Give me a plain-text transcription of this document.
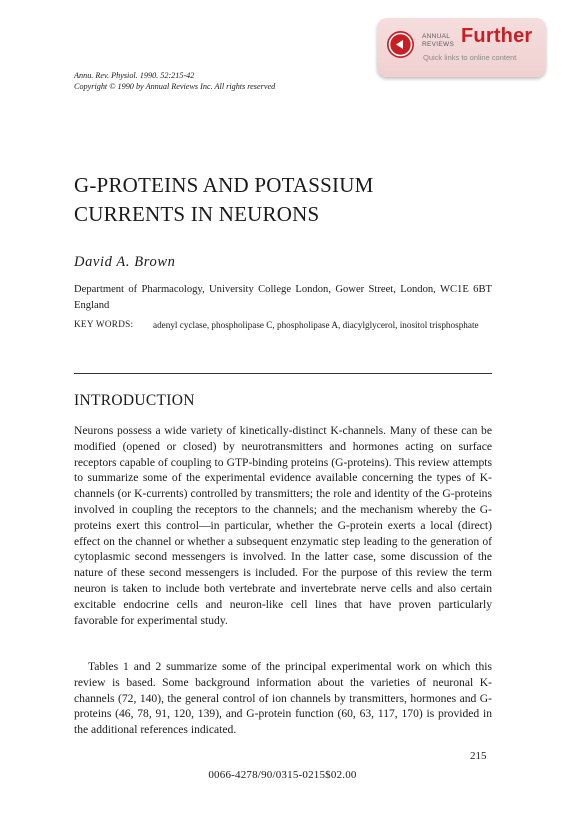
ANNUAL REVIEWS Further
Quick links to online content
Annu. Rev. Physiol. 1990. 52:215-42
Copyright © 1990 by Annual Reviews Inc. All rights reserved
G-PROTEINS AND POTASSIUM
CURRENTS IN NEURONS
David A. Brown
Department of Pharmacology, University College London, Gower Street, London, WC1E 6BT England
KEY WORDS: adenyl cyclase, phospholipase C, phospholipase A, diacylglycerol, inositol trisphosphate
INTRODUCTION

Neurons possess a wide variety of kinetically-distinct K-channels. Many of these can be modified (opened or closed) by neurotransmitters and hormones acting on surface receptors capable of coupling to GTP-binding proteins (G-proteins). This review attempts to summarize some of the experimental evidence available concerning the types of K-channels (or K-currents) controlled by transmitters; the role and identity of the G-proteins involved in coupling the receptors to the channels; and the mechanism whereby the G-proteins exert this control—in particular, whether the G-protein exerts a local (direct) effect on the channel or whether a subsequent enzymatic step leading to the generation of cytoplasmic second messengers is involved. In the latter case, some discussion of the nature of these second messengers is included. For the purpose of this review the term neuron is taken to include both vertebrate and invertebrate nerve cells and also certain excitable endocrine cells and neuron-like cell lines that have proven particularly favorable for experimental study.

Tables 1 and 2 summarize some of the principal experimental work on which this review is based. Some background information about the varieties of neuronal K-channels (72, 140), the general control of ion channels by transmitters, hormones and G-proteins (46, 78, 91, 120, 139), and G-protein function (60, 63, 117, 170) is provided in the additional references indicated.

215
0066-4278/90/0315-0215$02.00
